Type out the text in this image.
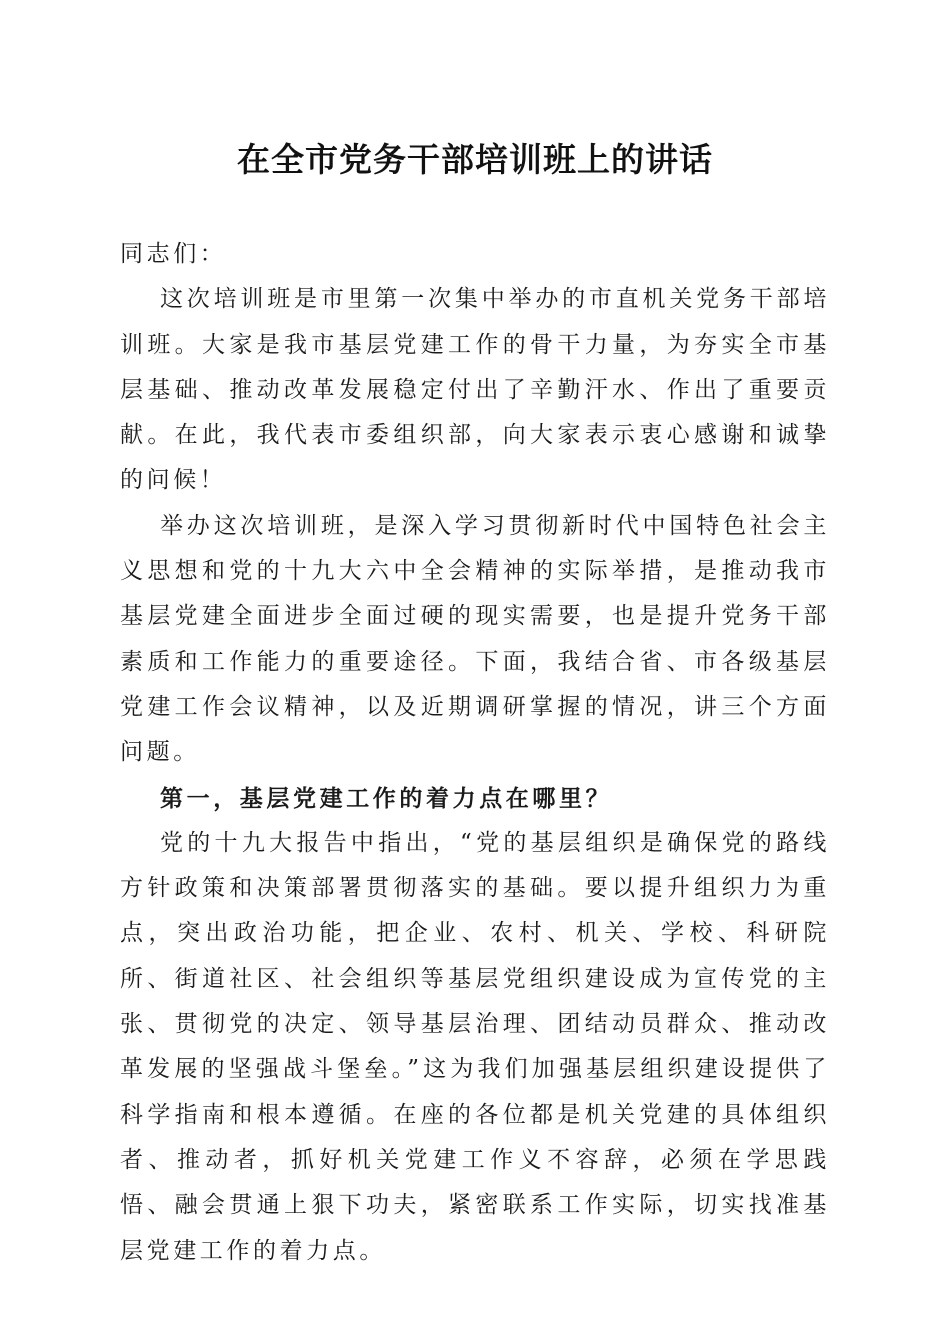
在全市党务干部培训班上的讲话

同志们：

这次培训班是市里第一次集中举办的市直机关党务干部培训班。大家是我市基层党建工作的骨干力量，为夯实全市基层基础、推动改革发展稳定付出了辛勤汗水、作出了重要贡献。在此，我代表市委组织部，向大家表示衷心感谢和诚挚的问候！

举办这次培训班，是深入学习贯彻新时代中国特色社会主义思想和党的十九大六中全会精神的实际举措，是推动我市基层党建全面进步全面过硬的现实需要，也是提升党务干部素质和工作能力的重要途径。下面，我结合省、市各级基层党建工作会议精神，以及近期调研掌握的情况，讲三个方面问题。

第一，基层党建工作的着力点在哪里？

党的十九大报告中指出，“党的基层组织是确保党的路线方针政策和决策部署贯彻落实的基础。要以提升组织力为重点，突出政治功能，把企业、农村、机关、学校、科研院所、街道社区、社会组织等基层党组织建设成为宣传党的主张、贯彻党的决定、领导基层治理、团结动员群众、推动改革发展的坚强战斗堡垒。”这为我们加强基层组织建设提供了科学指南和根本遵循。在座的各位都是机关党建的具体组织者、推动者，抓好机关党建工作义不容辞，必须在学思践悟、融会贯通上狠下功夫，紧密联系工作实际，切实找准基层党建工作的着力点。
